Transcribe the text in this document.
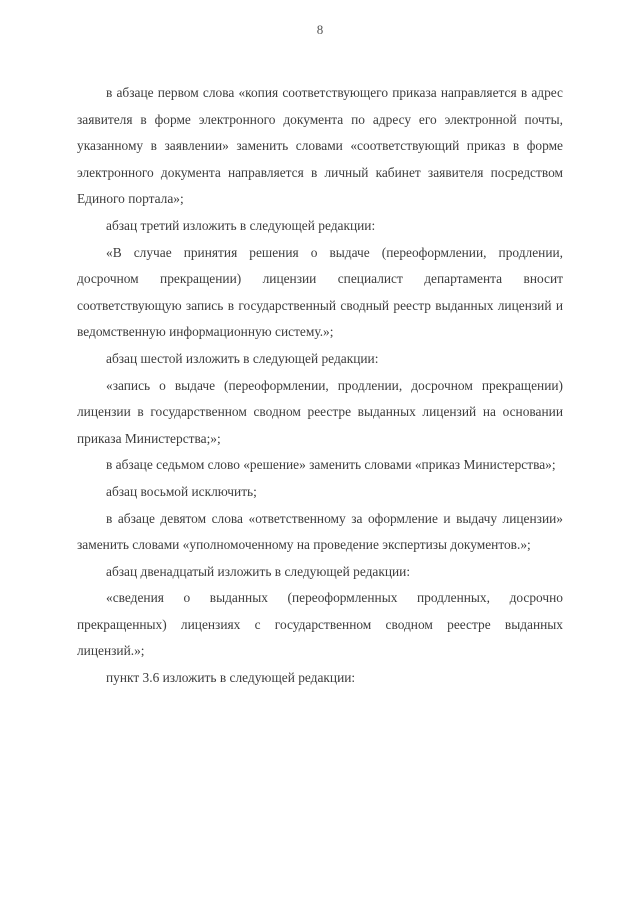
8

в абзаце первом слова «копия соответствующего приказа направляется в адрес заявителя в форме электронного документа по адресу его электронной почты, указанному в заявлении» заменить словами «соответствующий приказ в форме электронного документа направляется в личный кабинет заявителя посредством Единого портала»;

абзац третий изложить в следующей редакции:

«В случае принятия решения о выдаче (переоформлении, продлении, досрочном прекращении) лицензии специалист департамента вносит соответствующую запись в государственный сводный реестр выданных лицензий и ведомственную информационную систему.»;

абзац шестой изложить в следующей редакции:

«запись о выдаче (переоформлении, продлении, досрочном прекращении) лицензии в государственном сводном реестре выданных лицензий на основании приказа Министерства;»;

в абзаце седьмом слово «решение» заменить словами «приказ Министерства»;

абзац восьмой исключить;

в абзаце девятом слова «ответственному за оформление и выдачу лицензии» заменить словами «уполномоченному на проведение экспертизы документов.»;

абзац двенадцатый изложить в следующей редакции:

«сведения о выданных (переоформленных продленных, досрочно прекращенных) лицензиях с государственном сводном реестре выданных лицензий.»;

пункт 3.6 изложить в следующей редакции:
